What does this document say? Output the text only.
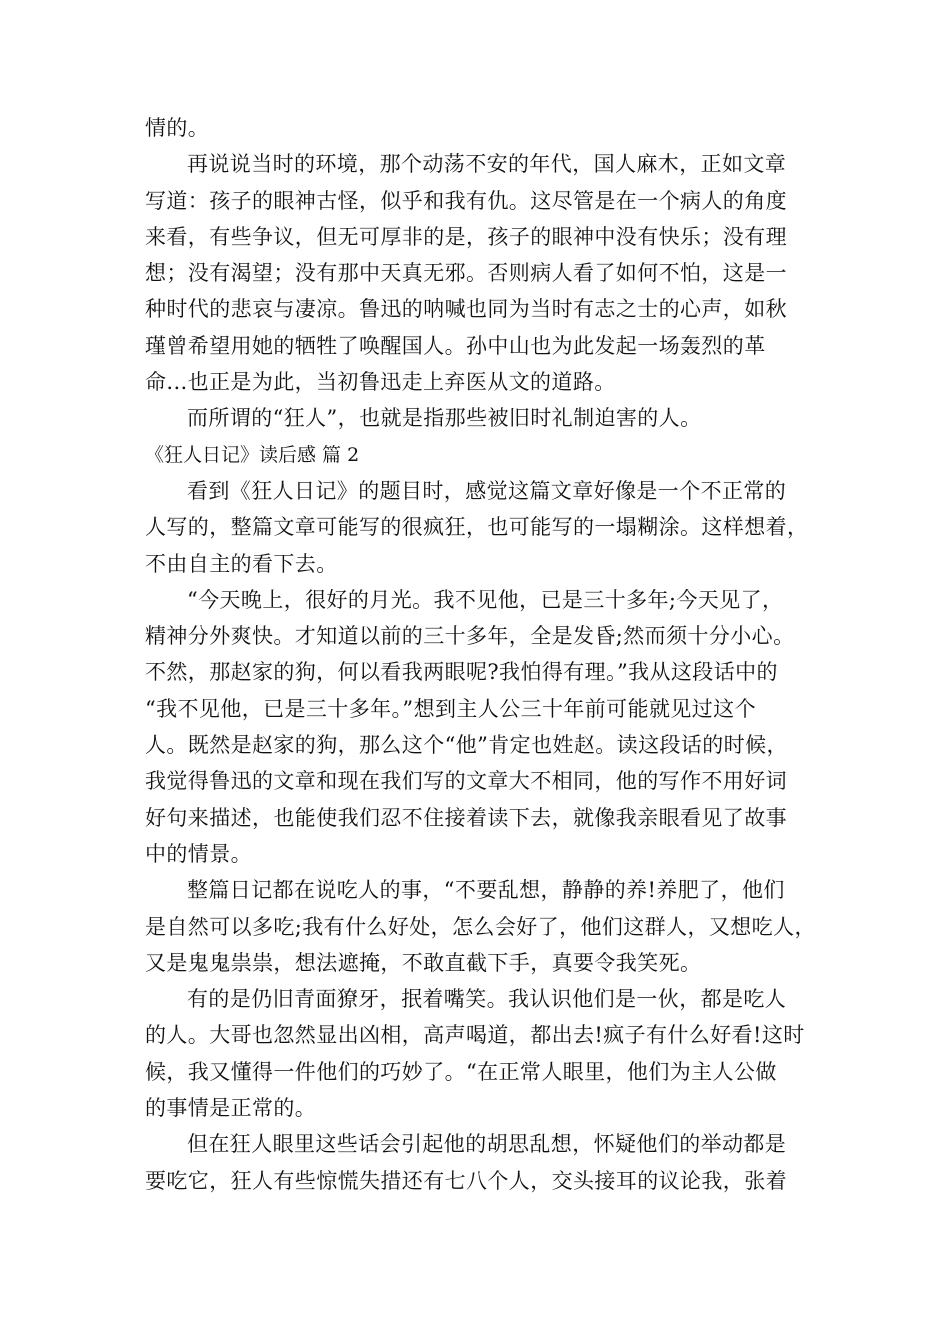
情的。

再说说当时的环境，那个动荡不安的年代，国人麻木，正如文章
写道：孩子的眼神古怪，似乎和我有仇。这尽管是在一个病人的角度
来看，有些争议，但无可厚非的是，孩子的眼神中没有快乐；没有理
想；没有渴望；没有那中天真无邪。否则病人看了如何不怕，这是一
种时代的悲哀与凄凉。鲁迅的呐喊也同为当时有志之士的心声，如秋
瑾曾希望用她的牺牲了唤醒国人。孙中山也为此发起一场轰烈的革
命...也正是为此，当初鲁迅走上弃医从文的道路。

而所谓的“狂人”，也就是指那些被旧时礼制迫害的人。

《狂人日记》读后感 篇 2

看到《狂人日记》的题目时，感觉这篇文章好像是一个不正常的
人写的，整篇文章可能写的很疯狂，也可能写的一塌糊涂。这样想着，
不由自主的看下去。

“今天晚上，很好的月光。我不见他，已是三十多年;今天见了，
精神分外爽快。才知道以前的三十多年，全是发昏;然而须十分小心。
不然，那赵家的狗，何以看我两眼呢?我怕得有理。”我从这段话中的
“我不见他，已是三十多年。”想到主人公三十年前可能就见过这个
人。既然是赵家的狗，那么这个“他”肯定也姓赵。读这段话的时候，
我觉得鲁迅的文章和现在我们写的文章大不相同，他的写作不用好词
好句来描述，也能使我们忍不住接着读下去，就像我亲眼看见了故事
中的情景。

整篇日记都在说吃人的事，“不要乱想，静静的养!养肥了，他们
是自然可以多吃;我有什么好处，怎么会好了，他们这群人，又想吃人，
又是鬼鬼祟祟，想法遮掩，不敢直截下手，真要令我笑死。

有的是仍旧青面獠牙，抿着嘴笑。我认识他们是一伙，都是吃人
的人。大哥也忽然显出凶相，高声喝道，都出去!疯子有什么好看!这时
候，我又懂得一件他们的巧妙了。“在正常人眼里，他们为主人公做
的事情是正常的。

但在狂人眼里这些话会引起他的胡思乱想，怀疑他们的举动都是
要吃它，狂人有些惊慌失措还有七八个人，交头接耳的议论我，张着
